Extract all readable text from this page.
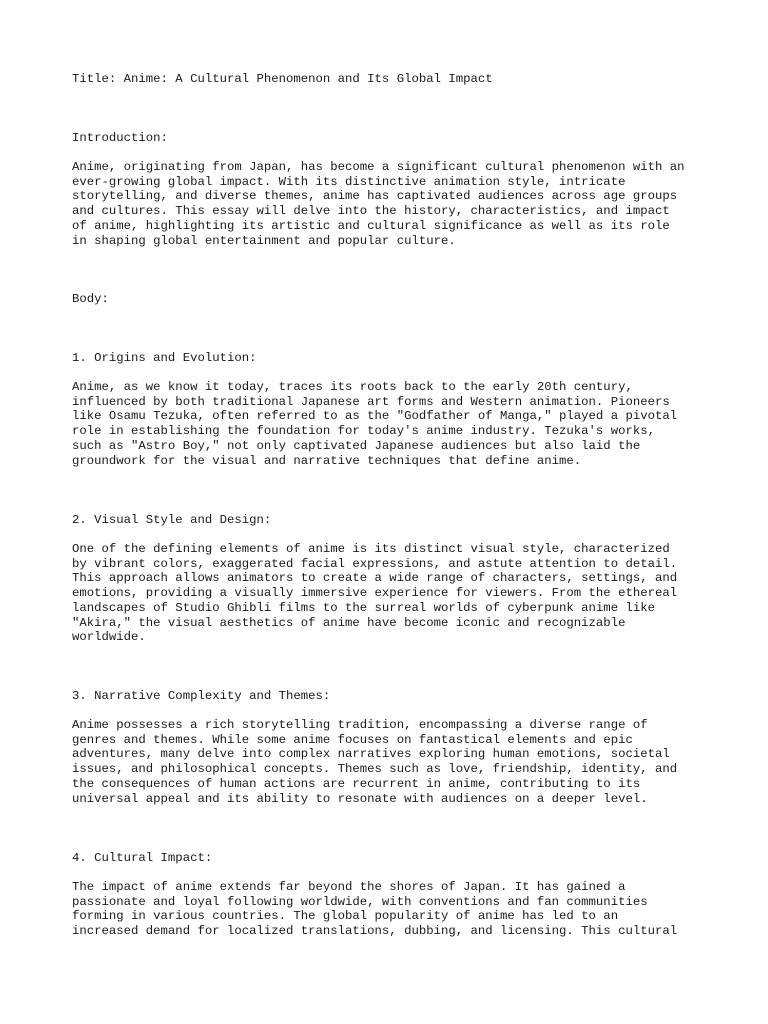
Title: Anime: A Cultural Phenomenon and Its Global Impact

Introduction:

Anime, originating from Japan, has become a significant cultural phenomenon with an
ever-growing global impact. With its distinctive animation style, intricate
storytelling, and diverse themes, anime has captivated audiences across age groups
and cultures. This essay will delve into the history, characteristics, and impact
of anime, highlighting its artistic and cultural significance as well as its role
in shaping global entertainment and popular culture.

Body:

1. Origins and Evolution:

Anime, as we know it today, traces its roots back to the early 20th century,
influenced by both traditional Japanese art forms and Western animation. Pioneers
like Osamu Tezuka, often referred to as the "Godfather of Manga," played a pivotal
role in establishing the foundation for today's anime industry. Tezuka's works,
such as "Astro Boy," not only captivated Japanese audiences but also laid the
groundwork for the visual and narrative techniques that define anime.

2. Visual Style and Design:

One of the defining elements of anime is its distinct visual style, characterized
by vibrant colors, exaggerated facial expressions, and astute attention to detail.
This approach allows animators to create a wide range of characters, settings, and
emotions, providing a visually immersive experience for viewers. From the ethereal
landscapes of Studio Ghibli films to the surreal worlds of cyberpunk anime like
"Akira," the visual aesthetics of anime have become iconic and recognizable
worldwide.

3. Narrative Complexity and Themes:

Anime possesses a rich storytelling tradition, encompassing a diverse range of
genres and themes. While some anime focuses on fantastical elements and epic
adventures, many delve into complex narratives exploring human emotions, societal
issues, and philosophical concepts. Themes such as love, friendship, identity, and
the consequences of human actions are recurrent in anime, contributing to its
universal appeal and its ability to resonate with audiences on a deeper level.

4. Cultural Impact:

The impact of anime extends far beyond the shores of Japan. It has gained a
passionate and loyal following worldwide, with conventions and fan communities
forming in various countries. The global popularity of anime has led to an
increased demand for localized translations, dubbing, and licensing. This cultural
